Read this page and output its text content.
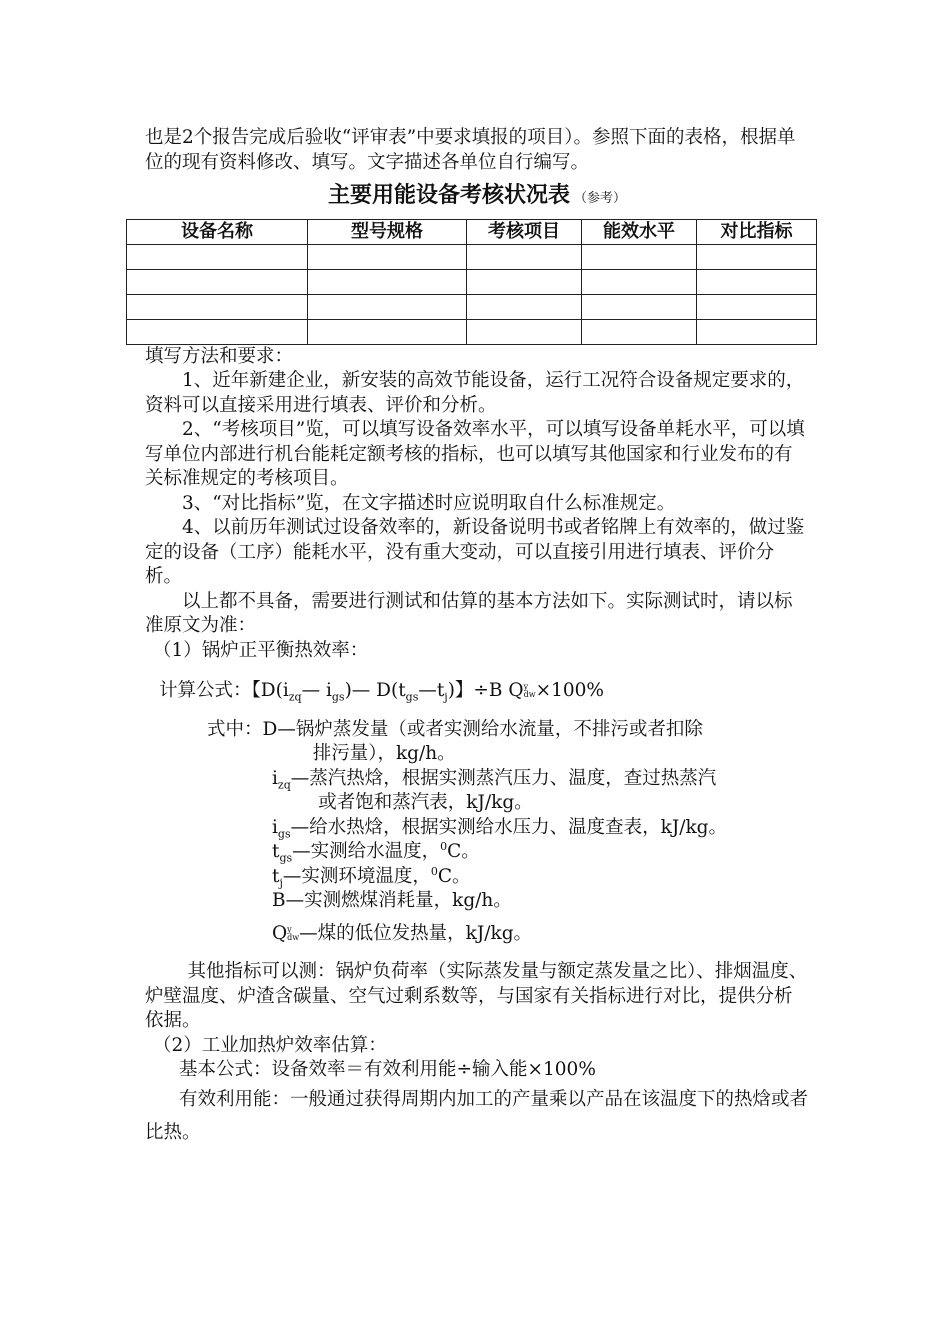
也是2个报告完成后验收“评审表”中要求填报的项目）。参照下面的表格，根据单位的现有资料修改、填写。文字描述各单位自行编写。

主要用能设备考核状况表 （参考）
设备名称	型号规格	考核项目	能效水平	对比指标

填写方法和要求：

1、近年新建企业，新安装的高效节能设备，运行工况符合设备规定要求的，资料可以直接采用进行填表、评价和分析。

2、“考核项目”览，可以填写设备效率水平，可以填写设备单耗水平，可以填写单位内部进行机台能耗定额考核的指标，也可以填写其他国家和行业发布的有关标准规定的考核项目。

3、“对比指标”览，在文字描述时应说明取自什么标准规定。

4、以前历年测试过设备效率的，新设备说明书或者铭牌上有效率的，做过鉴定的设备（工序）能耗水平，没有重大变动，可以直接引用进行填表、评价分析。

以上都不具备，需要进行测试和估算的基本方法如下。实际测试时，请以标准原文为准：

（1）锅炉正平衡热效率：

计算公式：【$D(i_{zq}—$ $i_{gs})—$ $D(t_{gs}—t_j)$】÷B Qy
dw×100%

式中：D—锅炉蒸发量（或者实测给水流量，不排污或者扣除

排污量），kg/h。

$i_{zq}—$蒸汽热焓，根据实测蒸汽压力、温度，查过热蒸汽
或者饱和蒸汽表，kJ/kg。

$i_{gs}—$给水热焓，根据实测给水压力、温度查表，kJ/kg。

$t_{gs}—$实测给水温度，$^0$C。

$t_j—$实测环境温度，$^0$C。

B—实测燃煤消耗量，kg/h。

Qy
dw—煤的低位发热量，kJ/kg。

其他指标可以测：锅炉负荷率（实际蒸发量与额定蒸发量之比）、排烟温度、炉壁温度、炉渣含碳量、空气过剩系数等，与国家有关指标进行对比，提供分析依据。

（2）工业加热炉效率估算：

基本公式：设备效率＝有效利用能÷输入能×100%

有效利用能：一般通过获得周期内加工的产量乘以产品在该温度下的热焓或者比热。
